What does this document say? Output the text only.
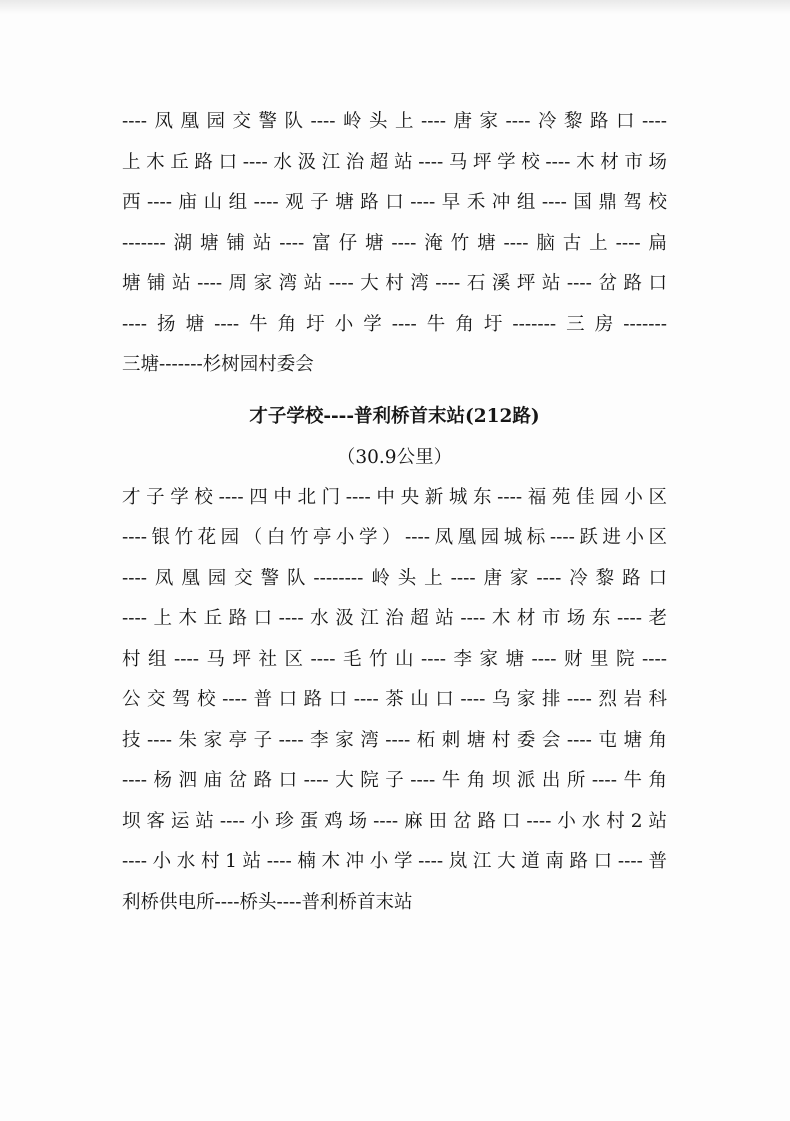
----凤凰园交警队----岭头上----唐家----冷黎路口----
上木丘路口----水汲江治超站----马坪学校----木材市场
西----庙山组----观子塘路口----早禾冲组----国鼎驾校
-------湖塘铺站----富仔塘----淹竹塘----脑古上----扁
塘铺站----周家湾站----大村湾----石溪坪站----岔路口
----扬塘----牛角圩小学----牛角圩-------三房-------
三塘-------杉树园村委会
才子学校----普利桥首末站(212路)
（30.9公里）
才子学校----四中北门----中央新城东----福苑佳园小区
----银竹花园（白竹亭小学）----凤凰园城标----跃进小区
----凤凰园交警队--------岭头上----唐家----冷黎路口
----上木丘路口----水汲江治超站----木材市场东----老
村组----马坪社区----毛竹山----李家塘----财里院----
公交驾校----普口路口----茶山口----乌家排----烈岩科
技----朱家亭子----李家湾----柘刺塘村委会----屯塘角
----杨泗庙岔路口----大院子----牛角坝派出所----牛角
坝客运站----小珍蛋鸡场----麻田岔路口----小水村2站
----小水村1站----楠木冲小学----岚江大道南路口----普
利桥供电所----桥头----普利桥首末站
